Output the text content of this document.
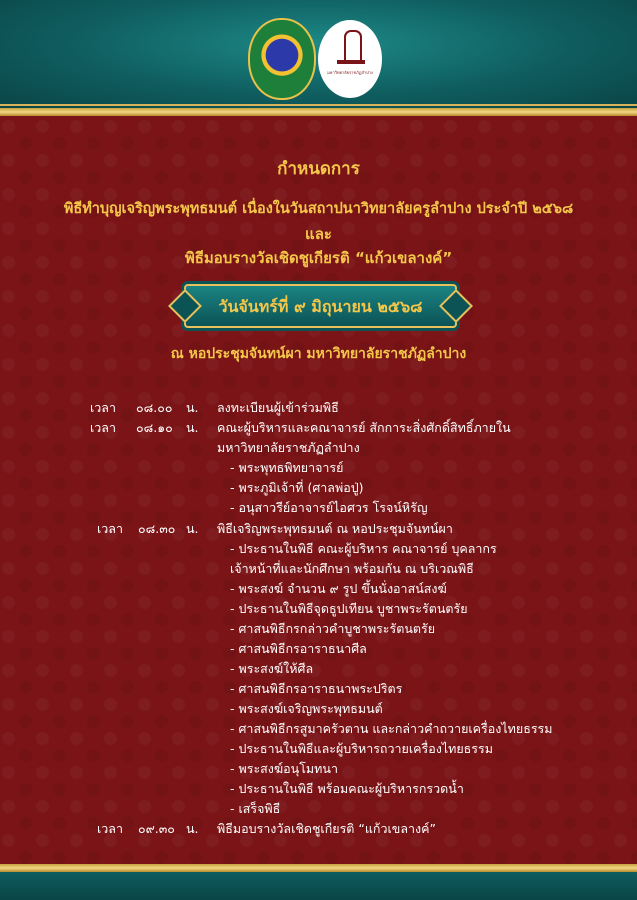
มหาวิทยาลัยราชภัฏลำปาง
กำหนดการ
พิธีทำบุญเจริญพระพุทธมนต์ เนื่องในวันสถาปนาวิทยาลัยครูลำปาง ประจำปี ๒๕๖๘
และ
พิธีมอบรางวัลเชิดชูเกียรติ “แก้วเขลางค์”
วันจันทร์ที่ ๙ มิถุนายน ๒๕๖๘
ณ หอประชุมจันทน์ผา มหาวิทยาลัยราชภัฏลำปาง
เวลา ๐๘.๐๐ น. ลงทะเบียนผู้เข้าร่วมพิธี
เวลา ๐๘.๑๐ น. คณะผู้บริหารและคณาจารย์ สักการะสิ่งศักดิ์สิทธิ์ภายใน
มหาวิทยาลัยราชภัฏลำปาง
- พระพุทธพิทยาจารย์
- พระภูมิเจ้าที่ (ศาลพ่อปู่)
- อนุสาวรีย์อาจารย์ไอศวร โรจน์หิรัญ
เวลา ๐๘.๓๐ น. พิธีเจริญพระพุทธมนต์ ณ หอประชุมจันทน์ผา
- ประธานในพิธี คณะผู้บริหาร คณาจารย์ บุคลากร
เจ้าหน้าที่และนักศึกษา พร้อมกัน ณ บริเวณพิธี
- พระสงฆ์ จำนวน ๙ รูป ขึ้นนั่งอาสน์สงฆ์
- ประธานในพิธีจุดธูปเทียน บูชาพระรัตนตรัย
- ศาสนพิธีกรกล่าวคำบูชาพระรัตนตรัย
- ศาสนพิธีกรอาราธนาศีล
- พระสงฆ์ให้ศีล
- ศาสนพิธีกรอาราธนาพระปริตร
- พระสงฆ์เจริญพระพุทธมนต์
- ศาสนพิธีกรสูมาครัวตาน และกล่าวคำถวายเครื่องไทยธรรม
- ประธานในพิธีและผู้บริหารถวายเครื่องไทยธรรม
- พระสงฆ์อนุโมทนา
- ประธานในพิธี พร้อมคณะผู้บริหารกรวดน้ำ
- เสร็จพิธี
เวลา ๐๙.๓๐ น. พิธีมอบรางวัลเชิดชูเกียรติ “แก้วเขลางค์”
